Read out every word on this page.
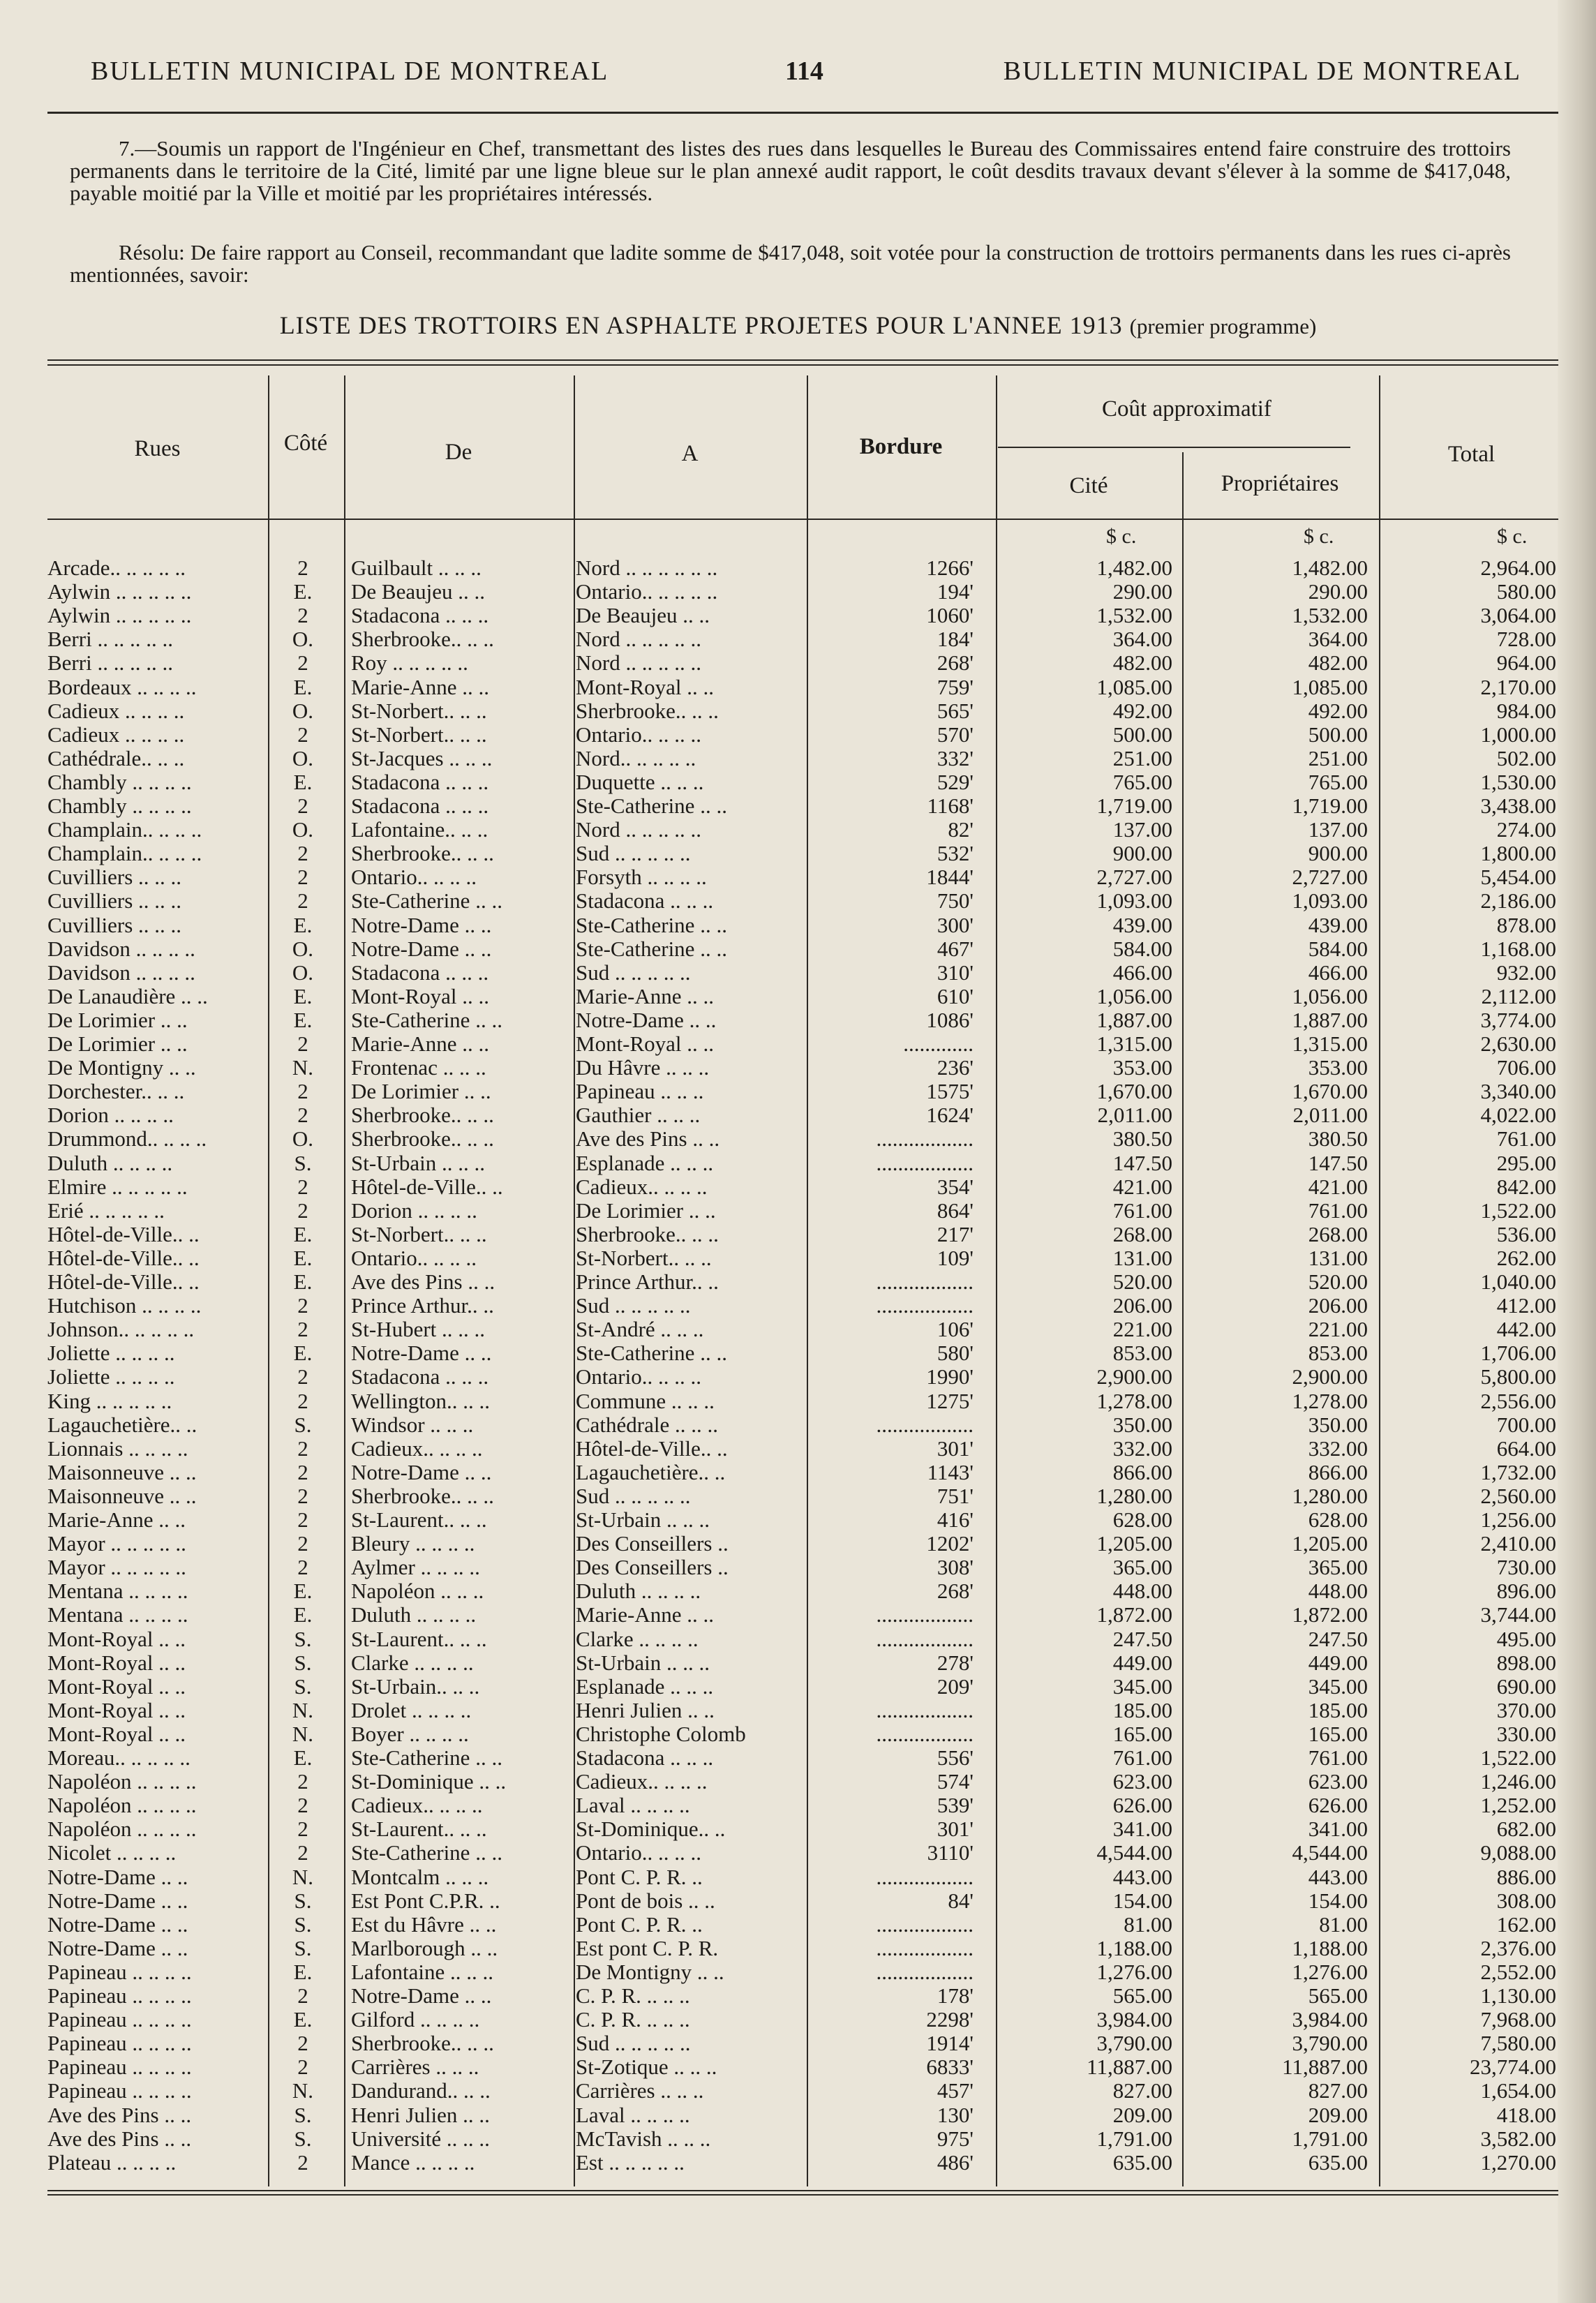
BULLETIN MUNICIPAL DE MONTREAL	114	BULLETIN MUNICIPAL DE MONTREAL
7.—Soumis un rapport de l'Ingénieur en Chef, transmettant des listes des rues dans lesquelles le Bureau des Commissaires entend faire construire des trottoirs permanents dans le territoire de la Cité, limité par une ligne bleue sur le plan annexé audit rapport, le coût desdits travaux devant s'élever à la somme de $417,048, payable moitié par la Ville et moitié par les propriétaires intéressés.
Résolu: De faire rapport au Conseil, recommandant que ladite somme de $417,048, soit votée pour la construction de trottoirs permanents dans les rues ci-après mentionnées, savoir:
LISTE DES TROTTOIRS EN ASPHALTE PROJETES POUR L'ANNEE 1913 (premier programme)
Rues	Côté	De	A	Bordure
Coût approximatif
Cité	Propriétaires
Total
$ c.	$ c.	$ c.
Arcade.. .. .. .. ..	2	Guilbault .. .. ..	Nord .. .. .. .. .. ..	1266'	1,482.00	1,482.00	2,964.00
Aylwin .. .. .. .. ..	E.	De Beaujeu .. ..	Ontario.. .. .. .. ..	194'	290.00	290.00	580.00
Aylwin .. .. .. .. ..	2	Stadacona .. .. ..	De Beaujeu .. ..	1060'	1,532.00	1,532.00	3,064.00
Berri .. .. .. .. ..	O.	Sherbrooke.. .. ..	Nord .. .. .. .. ..	184'	364.00	364.00	728.00
Berri .. .. .. .. ..	2	Roy .. .. .. .. ..	Nord .. .. .. .. ..	268'	482.00	482.00	964.00
Bordeaux .. .. .. ..	E.	Marie-Anne .. ..	Mont-Royal .. ..	759'	1,085.00	1,085.00	2,170.00
Cadieux .. .. .. ..	O.	St-Norbert.. .. ..	Sherbrooke.. .. ..	565'	492.00	492.00	984.00
Cadieux .. .. .. ..	2	St-Norbert.. .. ..	Ontario.. .. .. ..	570'	500.00	500.00	1,000.00
Cathédrale.. .. ..	O.	St-Jacques .. .. ..	Nord.. .. .. .. ..	332'	251.00	251.00	502.00
Chambly .. .. .. ..	E.	Stadacona .. .. ..	Duquette .. .. ..	529'	765.00	765.00	1,530.00
Chambly .. .. .. ..	2	Stadacona .. .. ..	Ste-Catherine .. ..	1168'	1,719.00	1,719.00	3,438.00
Champlain.. .. .. ..	O.	Lafontaine.. .. ..	Nord .. .. .. .. ..	82'	137.00	137.00	274.00
Champlain.. .. .. ..	2	Sherbrooke.. .. ..	Sud .. .. .. .. ..	532'	900.00	900.00	1,800.00
Cuvilliers .. .. ..	2	Ontario.. .. .. ..	Forsyth .. .. .. ..	1844'	2,727.00	2,727.00	5,454.00
Cuvilliers .. .. ..	2	Ste-Catherine .. ..	Stadacona .. .. ..	750'	1,093.00	1,093.00	2,186.00
Cuvilliers .. .. ..	E.	Notre-Dame .. ..	Ste-Catherine .. ..	300'	439.00	439.00	878.00
Davidson .. .. .. ..	O.	Notre-Dame .. ..	Ste-Catherine .. ..	467'	584.00	584.00	1,168.00
Davidson .. .. .. ..	O.	Stadacona .. .. ..	Sud .. .. .. .. ..	310'	466.00	466.00	932.00
De Lanaudière .. ..	E.	Mont-Royal .. ..	Marie-Anne .. ..	610'	1,056.00	1,056.00	2,112.00
De Lorimier .. ..	E.	Ste-Catherine .. ..	Notre-Dame .. ..	1086'	1,887.00	1,887.00	3,774.00
De Lorimier .. ..	2	Marie-Anne .. ..	Mont-Royal .. ..	.............	1,315.00	1,315.00	2,630.00
De Montigny .. ..	N.	Frontenac .. .. ..	Du Hâvre .. .. ..	236'	353.00	353.00	706.00
Dorchester.. .. ..	2	De Lorimier .. ..	Papineau .. .. ..	1575'	1,670.00	1,670.00	3,340.00
Dorion .. .. .. ..	2	Sherbrooke.. .. ..	Gauthier .. .. ..	1624'	2,011.00	2,011.00	4,022.00
Drummond.. .. .. ..	O.	Sherbrooke.. .. ..	Ave des Pins .. ..	..................	380.50	380.50	761.00
Duluth .. .. .. ..	S.	St-Urbain .. .. ..	Esplanade .. .. ..	..................	147.50	147.50	295.00
Elmire .. .. .. .. ..	2	Hôtel-de-Ville.. ..	Cadieux.. .. .. ..	354'	421.00	421.00	842.00
Erié .. .. .. .. ..	2	Dorion .. .. .. ..	De Lorimier .. ..	864'	761.00	761.00	1,522.00
Hôtel-de-Ville.. ..	E.	St-Norbert.. .. ..	Sherbrooke.. .. ..	217'	268.00	268.00	536.00
Hôtel-de-Ville.. ..	E.	Ontario.. .. .. ..	St-Norbert.. .. ..	109'	131.00	131.00	262.00
Hôtel-de-Ville.. ..	E.	Ave des Pins .. ..	Prince Arthur.. ..	..................	520.00	520.00	1,040.00
Hutchison .. .. .. ..	2	Prince Arthur.. ..	Sud .. .. .. .. ..	..................	206.00	206.00	412.00
Johnson.. .. .. .. ..	2	St-Hubert .. .. ..	St-André .. .. ..	106'	221.00	221.00	442.00
Joliette .. .. .. ..	E.	Notre-Dame .. ..	Ste-Catherine .. ..	580'	853.00	853.00	1,706.00
Joliette .. .. .. ..	2	Stadacona .. .. ..	Ontario.. .. .. ..	1990'	2,900.00	2,900.00	5,800.00
King .. .. .. .. ..	2	Wellington.. .. ..	Commune .. .. ..	1275'	1,278.00	1,278.00	2,556.00
Lagauchetière.. ..	S.	Windsor .. .. ..	Cathédrale .. .. ..	..................	350.00	350.00	700.00
Lionnais .. .. .. ..	2	Cadieux.. .. .. ..	Hôtel-de-Ville.. ..	301'	332.00	332.00	664.00
Maisonneuve .. ..	2	Notre-Dame .. ..	Lagauchetière.. ..	1143'	866.00	866.00	1,732.00
Maisonneuve .. ..	2	Sherbrooke.. .. ..	Sud .. .. .. .. ..	751'	1,280.00	1,280.00	2,560.00
Marie-Anne .. ..	2	St-Laurent.. .. ..	St-Urbain .. .. ..	416'	628.00	628.00	1,256.00
Mayor .. .. .. .. ..	2	Bleury .. .. .. ..	Des Conseillers ..	1202'	1,205.00	1,205.00	2,410.00
Mayor .. .. .. .. ..	2	Aylmer .. .. .. ..	Des Conseillers ..	308'	365.00	365.00	730.00
Mentana .. .. .. ..	E.	Napoléon .. .. ..	Duluth .. .. .. ..	268'	448.00	448.00	896.00
Mentana .. .. .. ..	E.	Duluth .. .. .. ..	Marie-Anne .. ..	..................	1,872.00	1,872.00	3,744.00
Mont-Royal .. ..	S.	St-Laurent.. .. ..	Clarke .. .. .. ..	..................	247.50	247.50	495.00
Mont-Royal .. ..	S.	Clarke .. .. .. ..	St-Urbain .. .. ..	278'	449.00	449.00	898.00
Mont-Royal .. ..	S.	St-Urbain.. .. ..	Esplanade .. .. ..	209'	345.00	345.00	690.00
Mont-Royal .. ..	N.	Drolet .. .. .. ..	Henri Julien .. ..	..................	185.00	185.00	370.00
Mont-Royal .. ..	N.	Boyer .. .. .. ..	Christophe Colomb	..................	165.00	165.00	330.00
Moreau.. .. .. .. ..	E.	Ste-Catherine .. ..	Stadacona .. .. ..	556'	761.00	761.00	1,522.00
Napoléon .. .. .. ..	2	St-Dominique .. ..	Cadieux.. .. .. ..	574'	623.00	623.00	1,246.00
Napoléon .. .. .. ..	2	Cadieux.. .. .. ..	Laval .. .. .. ..	539'	626.00	626.00	1,252.00
Napoléon .. .. .. ..	2	St-Laurent.. .. ..	St-Dominique.. ..	301'	341.00	341.00	682.00
Nicolet .. .. .. ..	2	Ste-Catherine .. ..	Ontario.. .. .. ..	3110'	4,544.00	4,544.00	9,088.00
Notre-Dame .. ..	N.	Montcalm .. .. ..	Pont C. P. R. ..	..................	443.00	443.00	886.00
Notre-Dame .. ..	S.	Est Pont C.P.R. ..	Pont de bois .. ..	84'	154.00	154.00	308.00
Notre-Dame .. ..	S.	Est du Hâvre .. ..	Pont C. P. R. ..	..................	81.00	81.00	162.00
Notre-Dame .. ..	S.	Marlborough .. ..	Est pont C. P. R.	..................	1,188.00	1,188.00	2,376.00
Papineau .. .. .. ..	E.	Lafontaine .. .. ..	De Montigny .. ..	..................	1,276.00	1,276.00	2,552.00
Papineau .. .. .. ..	2	Notre-Dame .. ..	C. P. R. .. .. ..	178'	565.00	565.00	1,130.00
Papineau .. .. .. ..	E.	Gilford .. .. .. ..	C. P. R. .. .. ..	2298'	3,984.00	3,984.00	7,968.00
Papineau .. .. .. ..	2	Sherbrooke.. .. ..	Sud .. .. .. .. ..	1914'	3,790.00	3,790.00	7,580.00
Papineau .. .. .. ..	2	Carrières .. .. ..	St-Zotique .. .. ..	6833'	11,887.00	11,887.00	23,774.00
Papineau .. .. .. ..	N.	Dandurand.. .. ..	Carrières .. .. ..	457'	827.00	827.00	1,654.00
Ave des Pins .. ..	S.	Henri Julien .. ..	Laval .. .. .. ..	130'	209.00	209.00	418.00
Ave des Pins .. ..	S.	Université .. .. ..	McTavish .. .. ..	975'	1,791.00	1,791.00	3,582.00
Plateau .. .. .. ..	2	Mance .. .. .. ..	Est .. .. .. .. ..	486'	635.00	635.00	1,270.00
